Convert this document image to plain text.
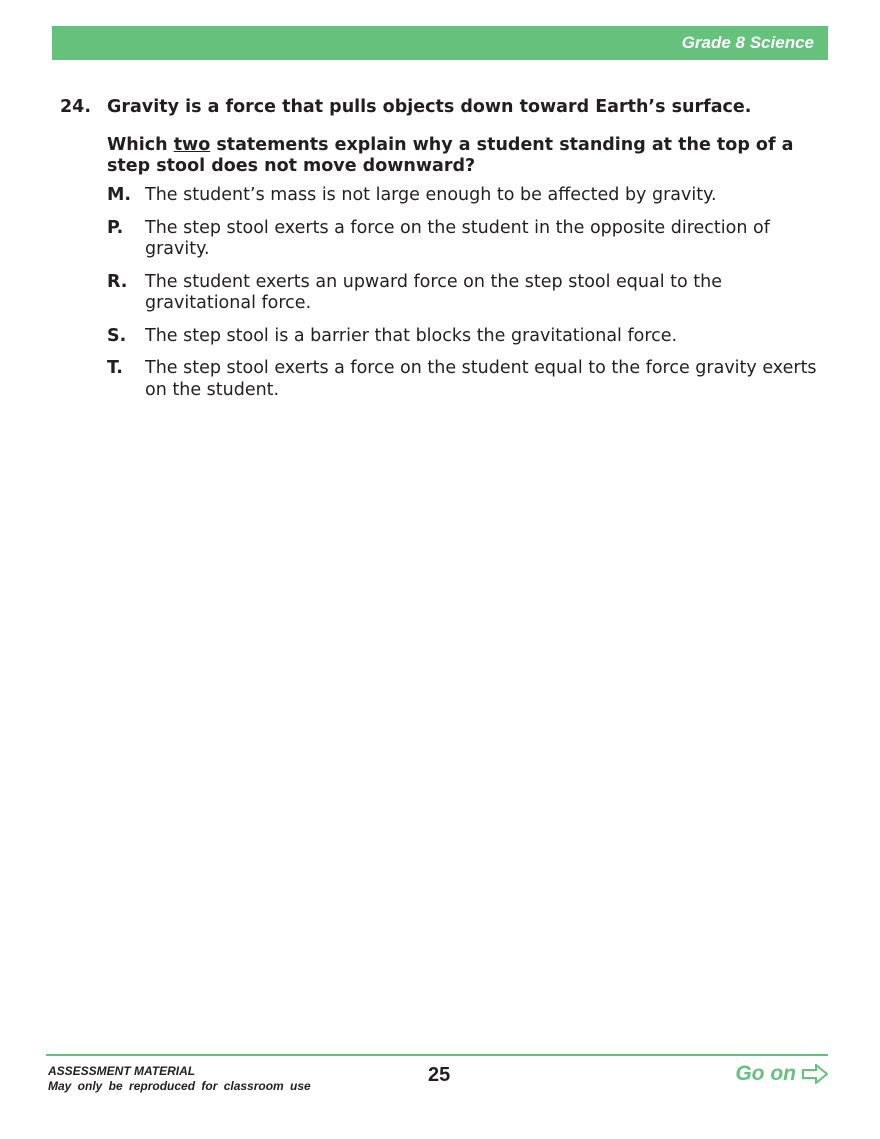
Grade 8 Science
24. Gravity is a force that pulls objects down toward Earth’s surface.
Which two statements explain why a student standing at the top of a step stool does not move downward?
M. The student’s mass is not large enough to be affected by gravity.
P.	The step stool exerts a force on the student in the opposite direction of gravity.
R.	The student exerts an upward force on the step stool equal to the gravitational force.
S.	The step stool is a barrier that blocks the gravitational force.
T.	The step stool exerts a force on the student equal to the force gravity exerts on the student.
ASSESSMENT MATERIAL
May only be reproduced for classroom use	25	Go on
